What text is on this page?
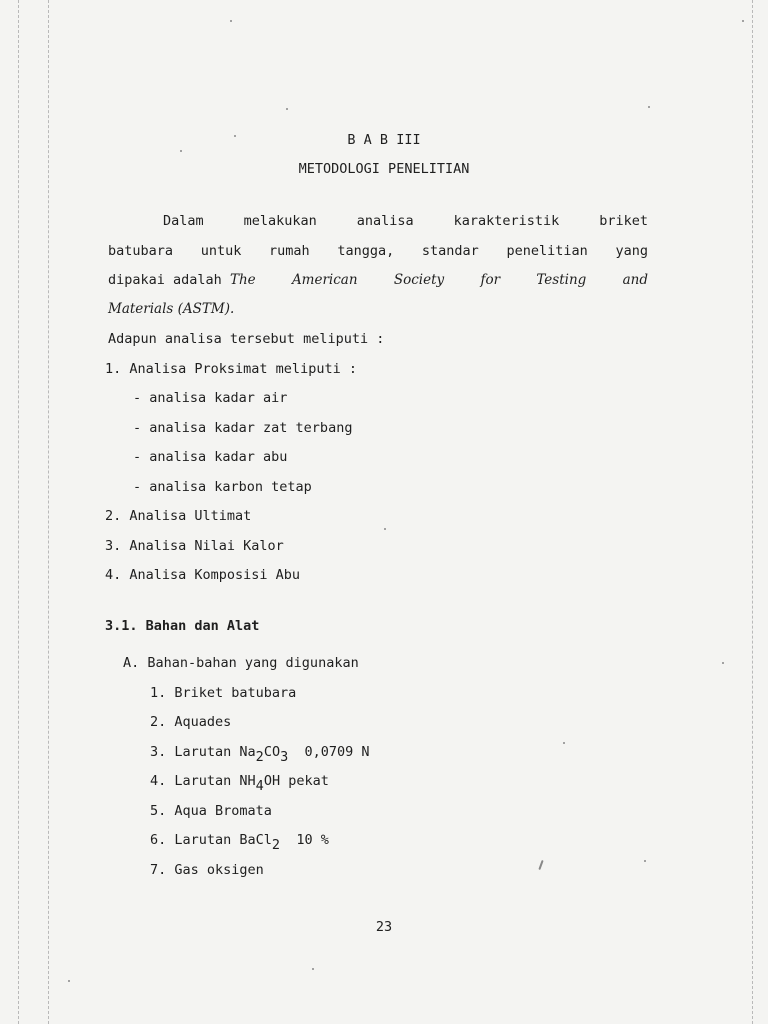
B A B III
METODOLOGI PENELITIAN
Dalam	melakukan	analisa	karakteristik	briket
batubara untuk rumah tangga, standar penelitian yang
dipakai adalah The	American	Society	for	Testing	and
Materials (ASTM).
Adapun analisa tersebut meliputi :
1. Analisa Proksimat meliputi :
- analisa kadar air
- analisa kadar zat terbang
- analisa kadar abu
- analisa karbon tetap
2. Analisa Ultimat
3. Analisa Nilai Kalor
4. Analisa Komposisi Abu
3.1. Bahan dan Alat
A. Bahan-bahan yang digunakan
1. Briket batubara
2. Aquades
3. Larutan Na2CO3  0,0709 N
4. Larutan NH4OH pekat
5. Aqua Bromata
6. Larutan BaCl2  10 %
7. Gas oksigen
23
